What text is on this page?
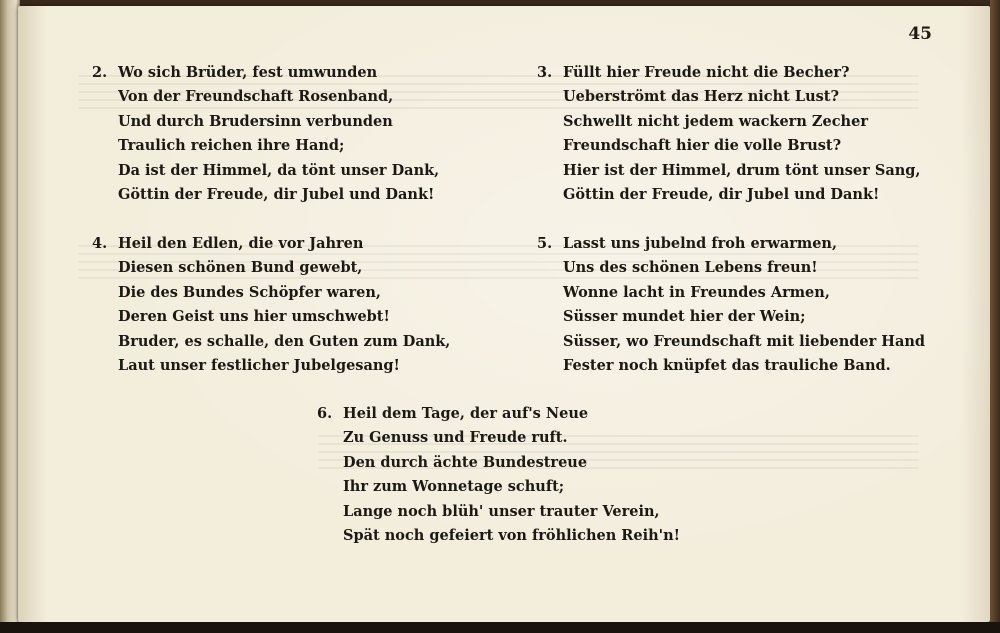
45
2. Wo sich Brüder, fest umwunden
Von der Freundschaft Rosenband,
Und durch Brudersinn verbunden
Traulich reichen ihre Hand;
Da ist der Himmel, da tönt unser Dank,
Göttin der Freude, dir Jubel und Dank!
3. Füllt hier Freude nicht die Becher?
Ueberströmt das Herz nicht Lust?
Schwellt nicht jedem wackern Zecher
Freundschaft hier die volle Brust?
Hier ist der Himmel, drum tönt unser Sang,
Göttin der Freude, dir Jubel und Dank!
4. Heil den Edlen, die vor Jahren
Diesen schönen Bund gewebt,
Die des Bundes Schöpfer waren,
Deren Geist uns hier umschwebt!
Bruder, es schalle, den Guten zum Dank,
Laut unser festlicher Jubelgesang!
5. Lasst uns jubelnd froh erwarmen,
Uns des schönen Lebens freun!
Wonne lacht in Freundes Armen,
Süsser mundet hier der Wein;
Süsser, wo Freundschaft mit liebender Hand
Fester noch knüpfet das trauliche Band.
6. Heil dem Tage, der auf's Neue
Zu Genuss und Freude ruft.
Den durch ächte Bundestreue
Ihr zum Wonnetage schuft;
Lange noch blüh' unser trauter Verein,
Spät noch gefeiert von fröhlichen Reih'n!
